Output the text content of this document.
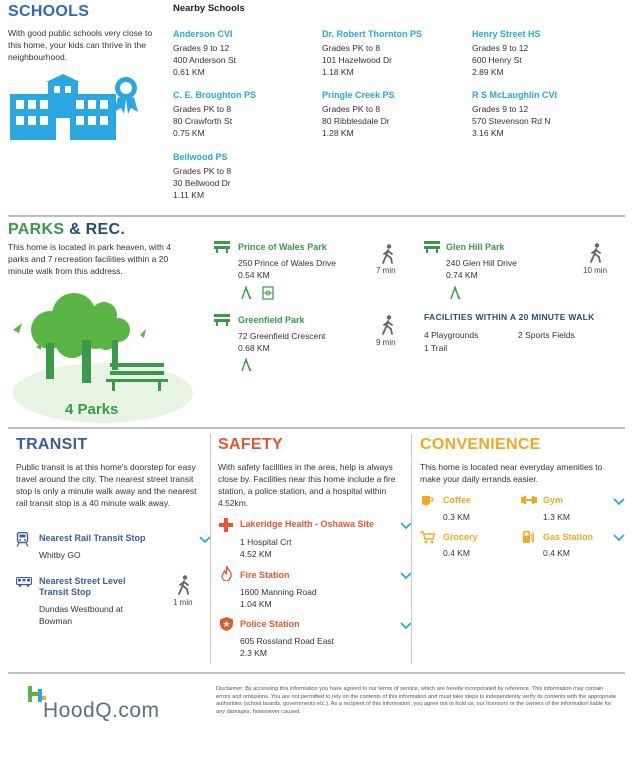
SCHOOLS	Nearby Schools
With good public schools very close to this home, your kids can thrive in the neighbourhood.
Anderson CVI
Grades 9 to 12
400 Anderson St
0.61 KM
Dr. Robert Thornton PS
Grades PK to 8
101 Hazelwood Dr
1.18 KM
Henry Street HS
Grades 9 to 12
600 Henry St
2.89 KM
C. E. Broughton PS
Grades PK to 8
80 Crawforth St
0.75 KM
Pringle Creek PS
Grades PK to 8
80 Ribblesdale Dr
1.28 KM
R S McLaughlin CVI
Grades 9 to 12
570 Stevenson Rd N
3.16 KM
Bellwood PS
Grades PK to 8
30 Bellwood Dr
1.11 KM
PARKS & REC.
This home is located in park heaven, with 4 parks and 7 recreation facilities within a 20 minute walk from this address.
4 Parks
Prince of Wales Park
250 Prince of Wales Drive
0.54 KM	7 min
Glen Hill Park
240 Glen Hill Drive
0.74 KM	10 min
Greenfield Park
72 Greenfield Crescent
0.68 KM
9 min
FACILITIES WITHIN A 20 MINUTE WALK
4 Playgrounds	2 Sports Fields
1 Trail
TRANSIT
Public transit is at this home's doorstep for easy travel around the city. The nearest street transit stop is only a minute walk away and the nearest rail transit stop is a 40 minute walk away.
Nearest Rail Transit Stop
Whitby GO
Nearest Street Level Transit Stop
Dundas Westbound at Bowman
1 min
SAFETY
With safety facilities in the area, help is always close by. Facilities near this home include a fire station, a police station, and a hospital within 4.52km.
Lakeridge Health - Oshawa Site
1 Hospital Crt
4.52 KM
Fire Station
1600 Manning Road
1.04 KM
Police Station
605 Rossland Road East
2.3 KM
CONVENIENCE
This home is located near everyday amenities to make your daily errands easier.
Coffee
0.3 KM
Gym
1.3 KM
Grocery
0.4 KM
Gas Station
0.4 KM
HoodQ.com
Disclaimer: By accessing this information you have agreed to our terms of service, which are hereby incorporated by reference. This information may contain errors and omissions. You are not permitted to rely on the contents of this information and must take steps to independently verify its contents with the appropriate authorities (school boards, governments etc.). As a recipient of this information, you agree not to hold us, our licensors or the owners of the information liable for any damages, howsoever caused.
